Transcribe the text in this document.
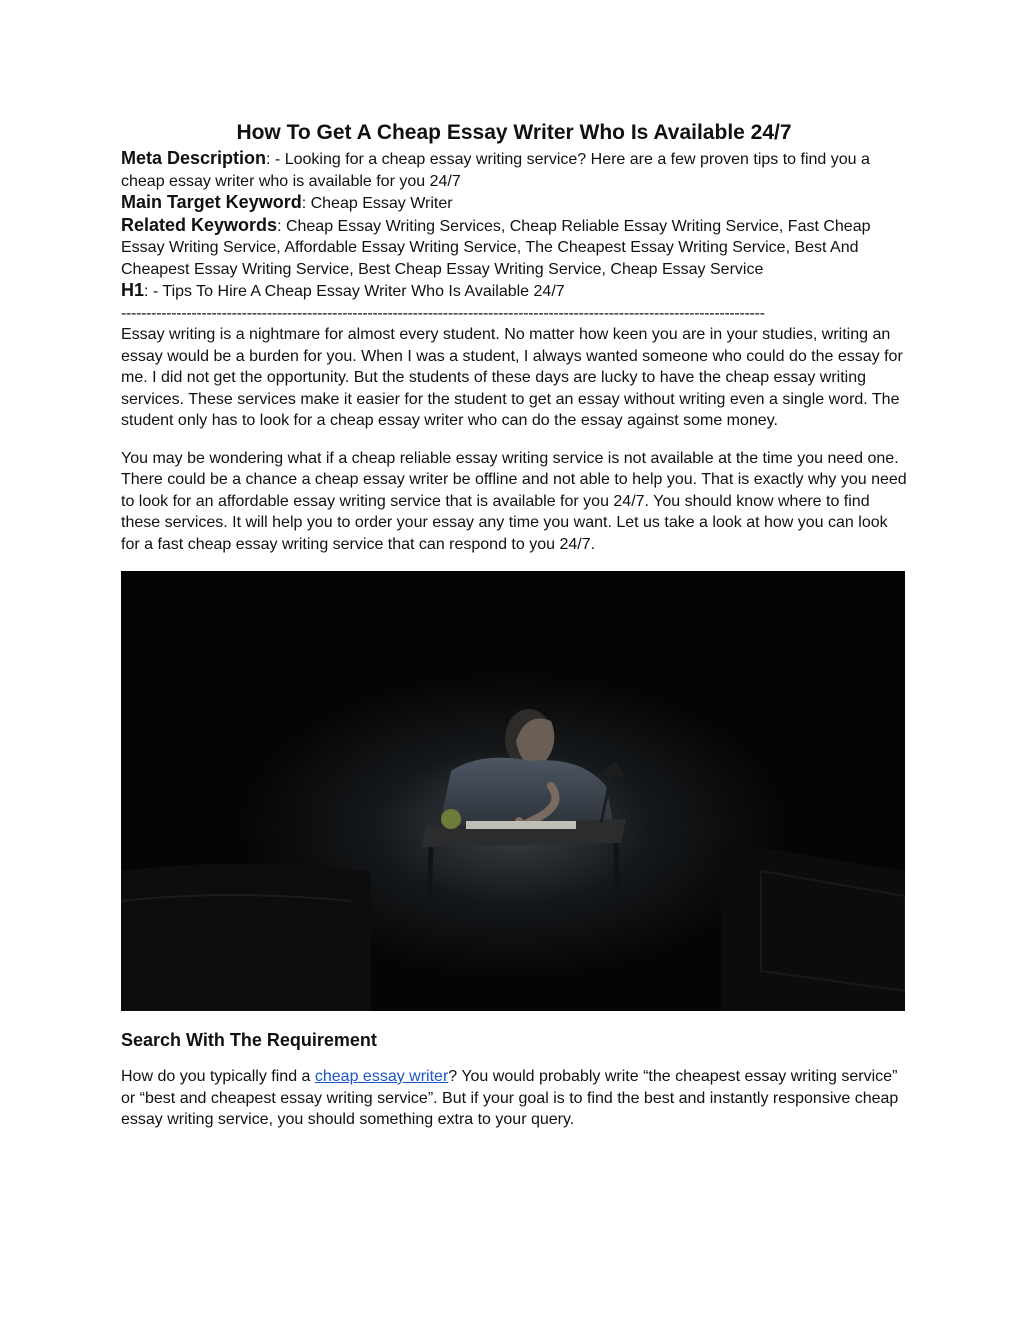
How To Get A Cheap Essay Writer Who Is Available 24/7

Meta Description: - Looking for a cheap essay writing service? Here are a few proven tips to find you a cheap essay writer who is available for you 24/7

Main Target Keyword: Cheap Essay Writer

Related Keywords: Cheap Essay Writing Services, Cheap Reliable Essay Writing Service, Fast Cheap Essay Writing Service, Affordable Essay Writing Service, The Cheapest Essay Writing Service, Best And Cheapest Essay Writing Service, Best Cheap Essay Writing Service, Cheap Essay Service

H1: - Tips To Hire A Cheap Essay Writer Who Is Available 24/7

--------------------------------------------------------------------------------------------------------------------------------

Essay writing is a nightmare for almost every student. No matter how keen you are in your studies, writing an essay would be a burden for you. When I was a student, I always wanted someone who could do the essay for me. I did not get the opportunity. But the students of these days are lucky to have the cheap essay writing services. These services make it easier for the student to get an essay without writing even a single word. The student only has to look for a cheap essay writer who can do the essay against some money.

You may be wondering what if a cheap reliable essay writing service is not available at the time you need one. There could be a chance a cheap essay writer be offline and not able to help you. That is exactly why you need to look for an affordable essay writing service that is available for you 24/7. You should know where to find these services. It will help you to order your essay any time you want. Let us take a look at how you can look for a fast cheap essay writing service that can respond to you 24/7.

Search With The Requirement

How do you typically find a cheap essay writer? You would probably write “the cheapest essay writing service” or “best and cheapest essay writing service”. But if your goal is to find the best and instantly responsive cheap essay writing service, you should something extra to your query.
